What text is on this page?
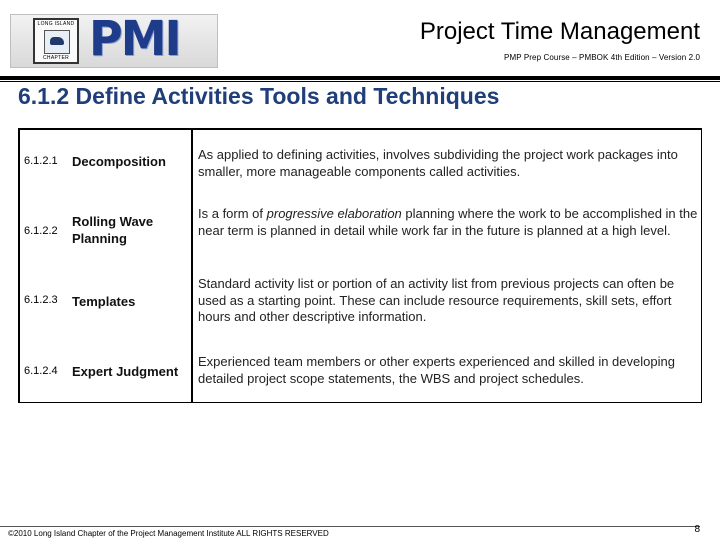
LONG ISLAND
CHAPTER PMI	Project Time Management
PMP Prep Course – PMBOK 4th Edition – Version 2.0
6.1.2 Define Activities Tools and Techniques
6.1.2.1 Decomposition As applied to defining activities, involves subdividing the project work packages into smaller, more manageable components called activities.
6.1.2.2
Rolling Wave Planning
Is a form of progressive elaboration planning where the work to be accomplished in the near term is planned in detail while work far in the future is planned at a high level.
6.1.2.3 Templates
Standard activity list or portion of an activity list from previous projects can often be used as a starting point. These can include resource requirements, skill sets, effort hours and other descriptive information.
6.1.2.4 Expert Judgment
Experienced team members or other experts experienced and skilled in developing detailed project scope statements, the WBS and project schedules.
©2010 Long Island Chapter of the Project Management Institute ALL RIGHTS RESERVED	8
